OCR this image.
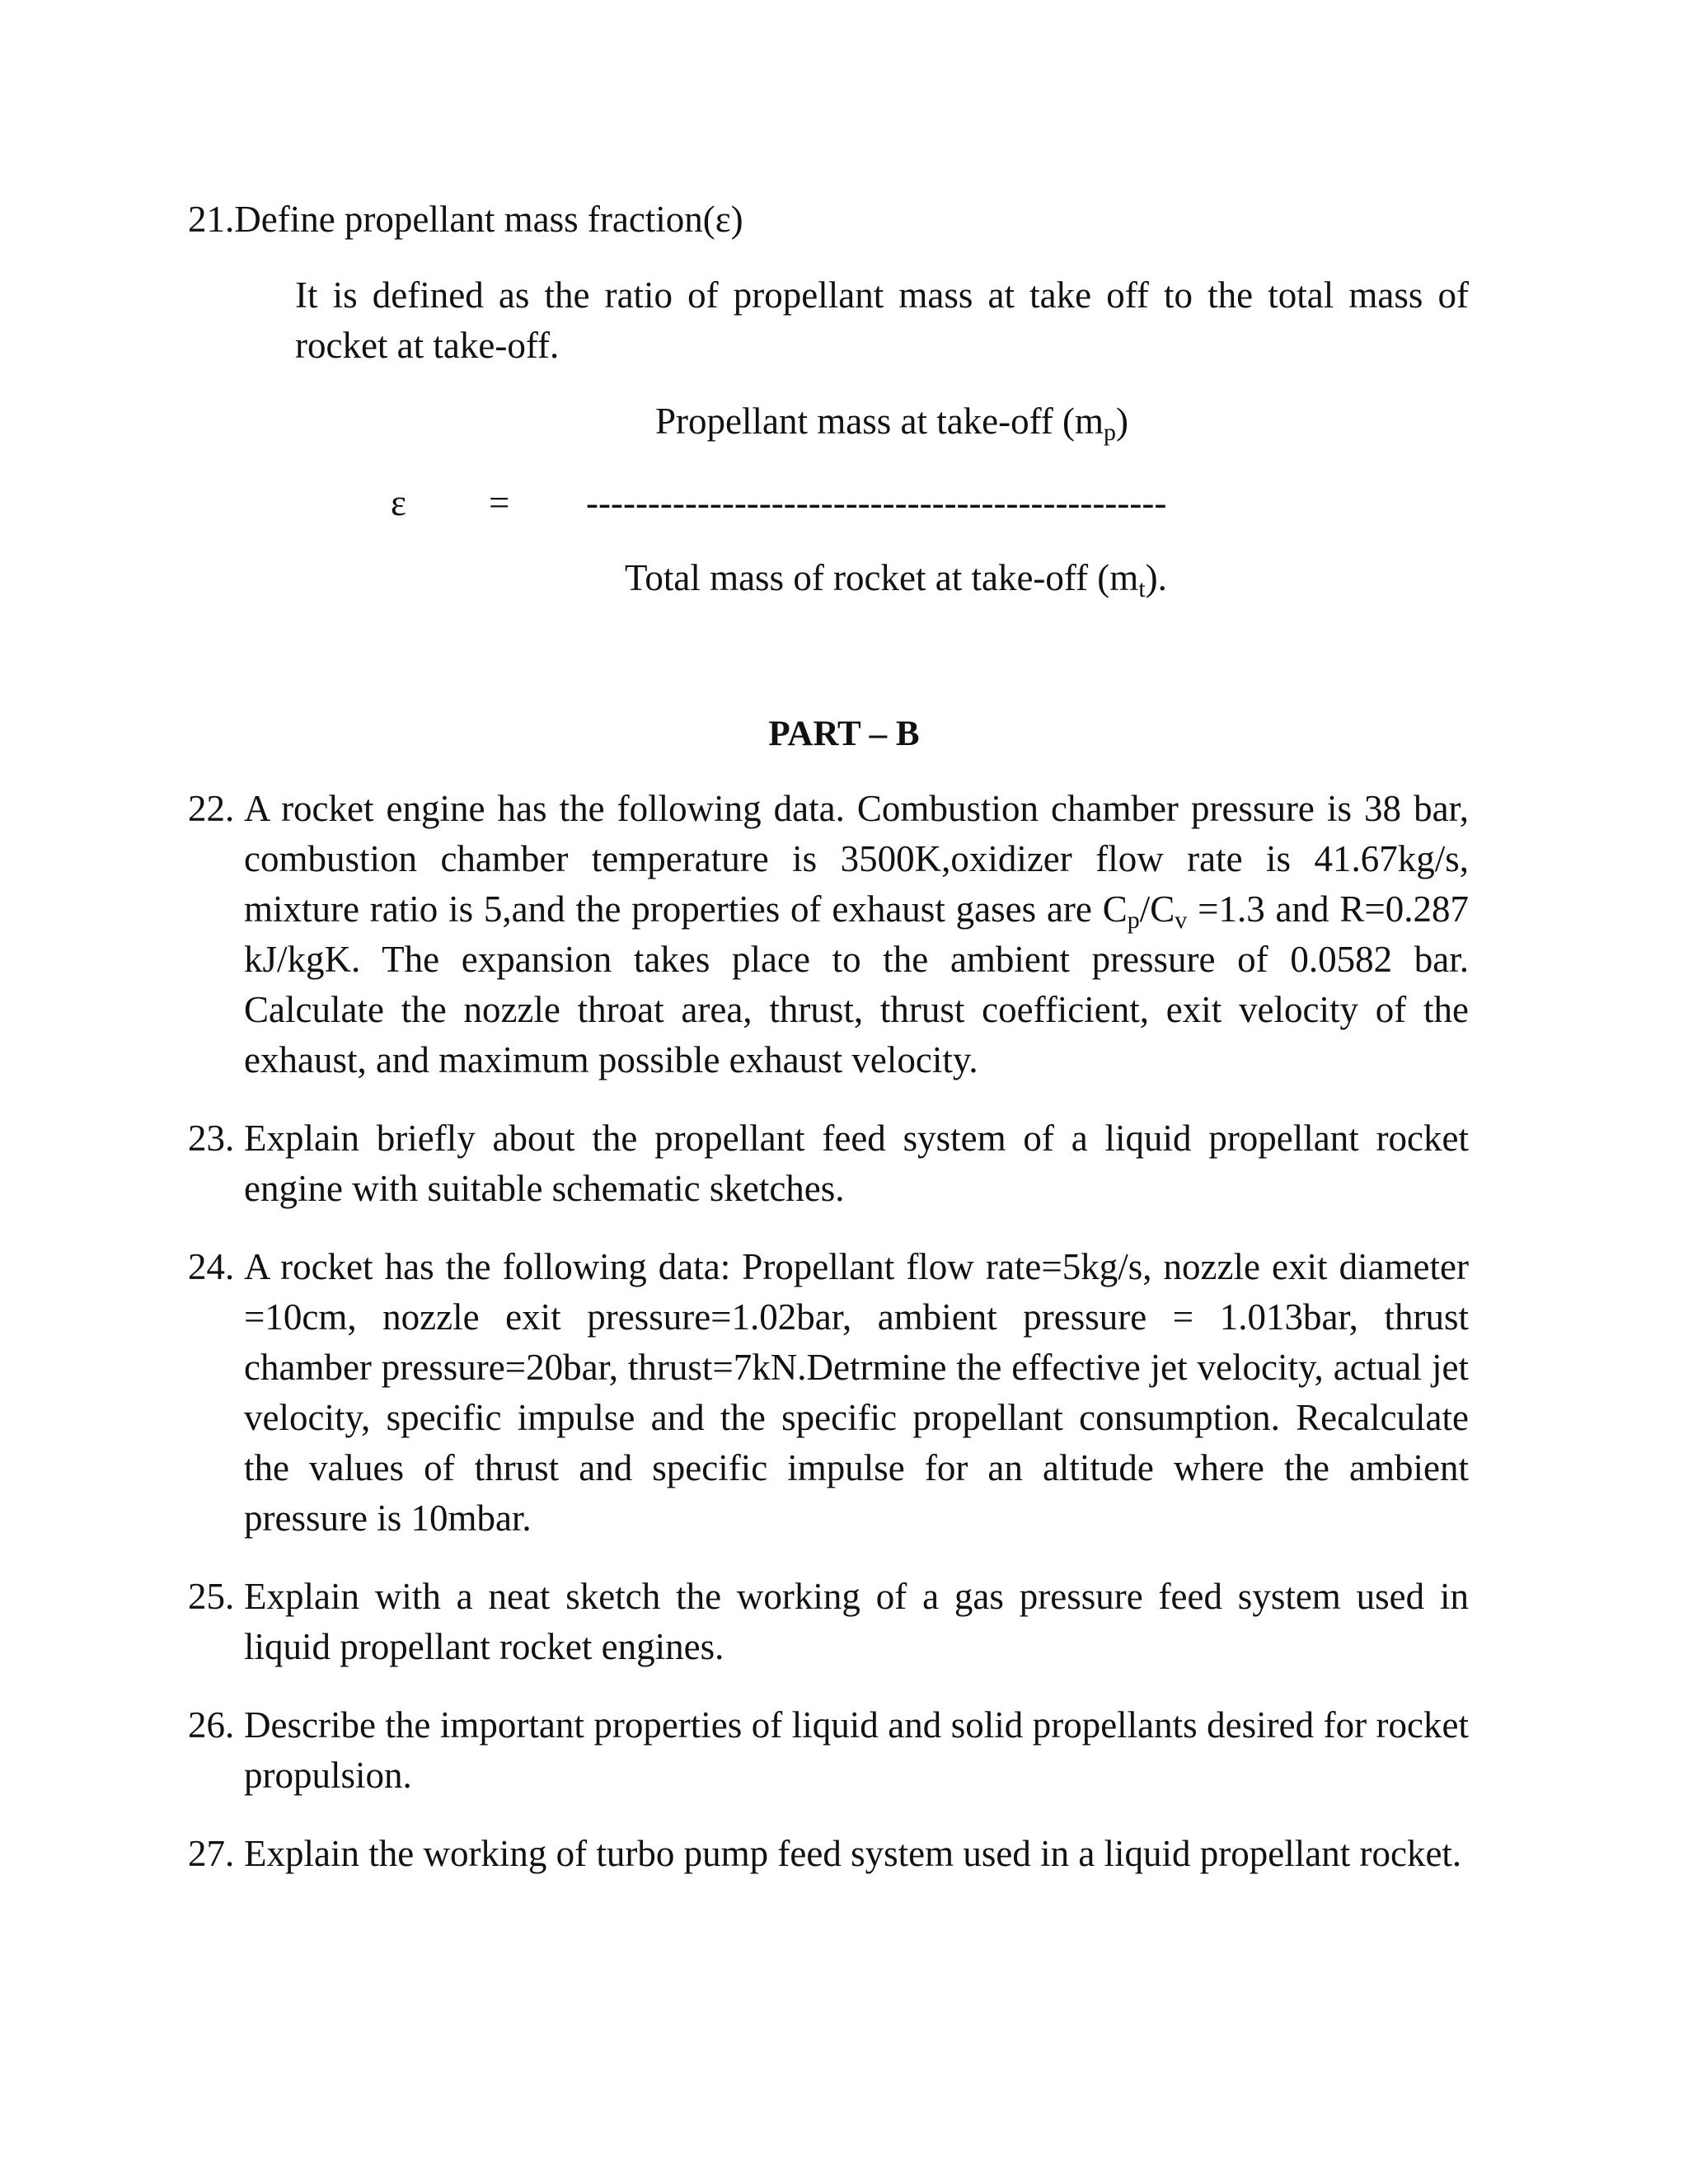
21.Define propellant mass fraction(ε)
It is defined as the ratio of propellant mass at take off to the total mass of rocket at take-off.
Propellant mass at take-off $(m_p)$
ε = -----------------------------------------------
Total mass of rocket at take-off $(m_t)$.
PART – B
22. A rocket engine has the following data. Combustion chamber pressure is 38 bar, combustion chamber temperature is 3500K,oxidizer flow rate is 41.67kg/s, mixture ratio is 5,and the properties of exhaust gases are $C_p/C_v =1.3$ and R=0.287 kJ/kgK. The expansion takes place to the ambient pressure of 0.0582 bar. Calculate the nozzle throat area, thrust, thrust coefficient, exit velocity of the exhaust, and maximum possible exhaust velocity.
23. Explain briefly about the propellant feed system of a liquid propellant rocket engine with suitable schematic sketches.
24. A rocket has the following data: Propellant flow rate=5kg/s, nozzle exit diameter =10cm, nozzle exit pressure=1.02bar, ambient pressure = 1.013bar, thrust chamber pressure=20bar, thrust=7kN.Detrmine the effective jet velocity, actual jet velocity, specific impulse and the specific propellant consumption. Recalculate the values of thrust and specific impulse for an altitude where the ambient pressure is 10mbar.
25. Explain with a neat sketch the working of a gas pressure feed system used in liquid propellant rocket engines.
26. Describe the important properties of liquid and solid propellants desired for rocket propulsion.
27. Explain the working of turbo pump feed system used in a liquid propellant rocket.
